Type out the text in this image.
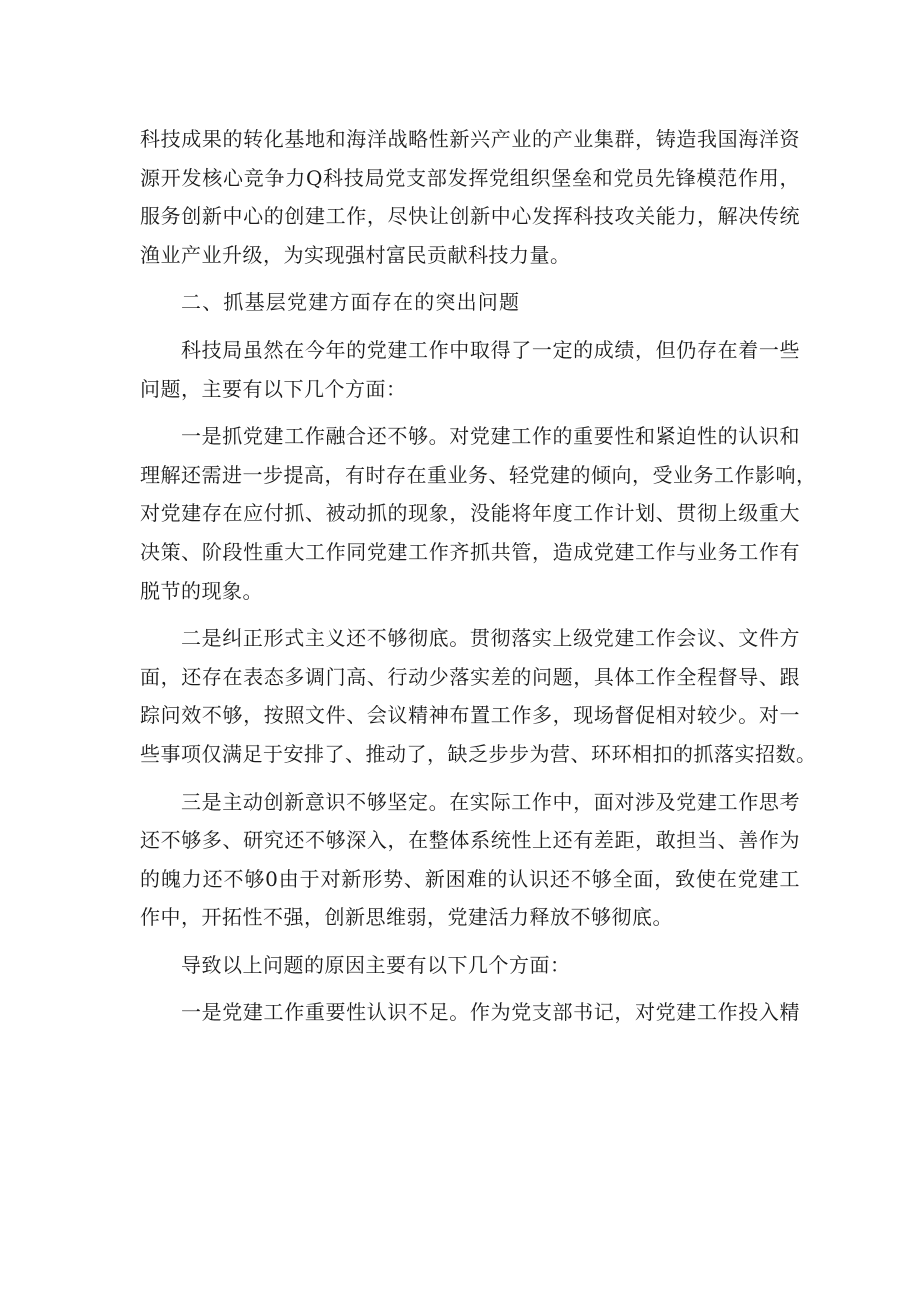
科技成果的转化基地和海洋战略性新兴产业的产业集群，铸造我国海洋资
源开发核心竞争力Q科技局党支部发挥党组织堡垒和党员先锋模范作用，
服务创新中心的创建工作，尽快让创新中心发挥科技攻关能力，解决传统
渔业产业升级，为实现强村富民贡献科技力量。
二、抓基层党建方面存在的突出问题
科技局虽然在今年的党建工作中取得了一定的成绩，但仍存在着一些
问题，主要有以下几个方面：
一是抓党建工作融合还不够。对党建工作的重要性和紧迫性的认识和
理解还需进一步提高，有时存在重业务、轻党建的倾向，受业务工作影响，
对党建存在应付抓、被动抓的现象，没能将年度工作计划、贯彻上级重大
决策、阶段性重大工作同党建工作齐抓共管，造成党建工作与业务工作有
脱节的现象。
二是纠正形式主义还不够彻底。贯彻落实上级党建工作会议、文件方
面，还存在表态多调门高、行动少落实差的问题，具体工作全程督导、跟
踪问效不够，按照文件、会议精神布置工作多，现场督促相对较少。对一
些事项仅满足于安排了、推动了，缺乏步步为营、环环相扣的抓落实招数。
三是主动创新意识不够坚定。在实际工作中，面对涉及党建工作思考
还不够多、研究还不够深入，在整体系统性上还有差距，敢担当、善作为
的魄力还不够0由于对新形势、新困难的认识还不够全面，致使在党建工
作中，开拓性不强，创新思维弱，党建活力释放不够彻底。
导致以上问题的原因主要有以下几个方面：
一是党建工作重要性认识不足。作为党支部书记，对党建工作投入精
